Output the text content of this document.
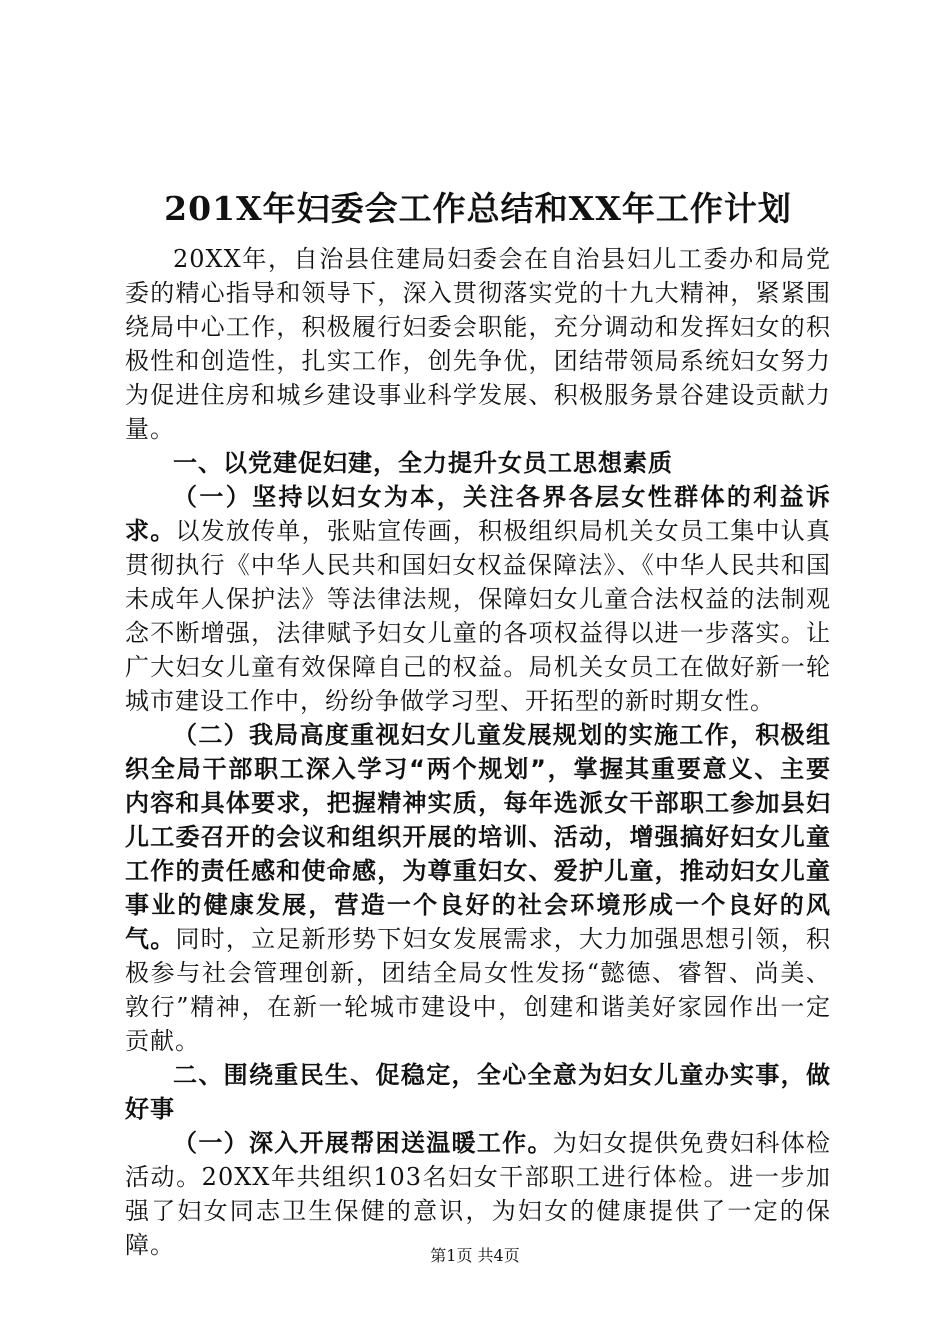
201X年妇委会工作总结和XX年工作计划

20XX年，自治县住建局妇委会在自治县妇儿工委办和局党委的精心指导和领导下，深入贯彻落实党的十九大精神，紧紧围绕局中心工作，积极履行妇委会职能，充分调动和发挥妇女的积极性和创造性，扎实工作，创先争优，团结带领局系统妇女努力为促进住房和城乡建设事业科学发展、积极服务景谷建设贡献力量。

一、以党建促妇建，全力提升女员工思想素质

（一）坚持以妇女为本，关注各界各层女性群体的利益诉求。以发放传单，张贴宣传画，积极组织局机关女员工集中认真贯彻执行《中华人民共和国妇女权益保障法》、《中华人民共和国未成年人保护法》等法律法规，保障妇女儿童合法权益的法制观念不断增强，法律赋予妇女儿童的各项权益得以进一步落实。让广大妇女儿童有效保障自己的权益。局机关女员工在做好新一轮城市建设工作中，纷纷争做学习型、开拓型的新时期女性。

（二）我局高度重视妇女儿童发展规划的实施工作，积极组织全局干部职工深入学习“两个规划”，掌握其重要意义、主要内容和具体要求，把握精神实质，每年选派女干部职工参加县妇儿工委召开的会议和组织开展的培训、活动，增强搞好妇女儿童工作的责任感和使命感，为尊重妇女、爱护儿童，推动妇女儿童事业的健康发展，营造一个良好的社会环境形成一个良好的风气。同时，立足新形势下妇女发展需求，大力加强思想引领，积极参与社会管理创新，团结全局女性发扬“懿德、睿智、尚美、敦行”精神，在新一轮城市建设中，创建和谐美好家园作出一定贡献。

二、围绕重民生、促稳定，全心全意为妇女儿童办实事，做好事

（一）深入开展帮困送温暖工作。为妇女提供免费妇科体检活动。20XX年共组织103名妇女干部职工进行体检。进一步加强了妇女同志卫生保健的意识，为妇女的健康提供了一定的保障。	第1页 共4页
